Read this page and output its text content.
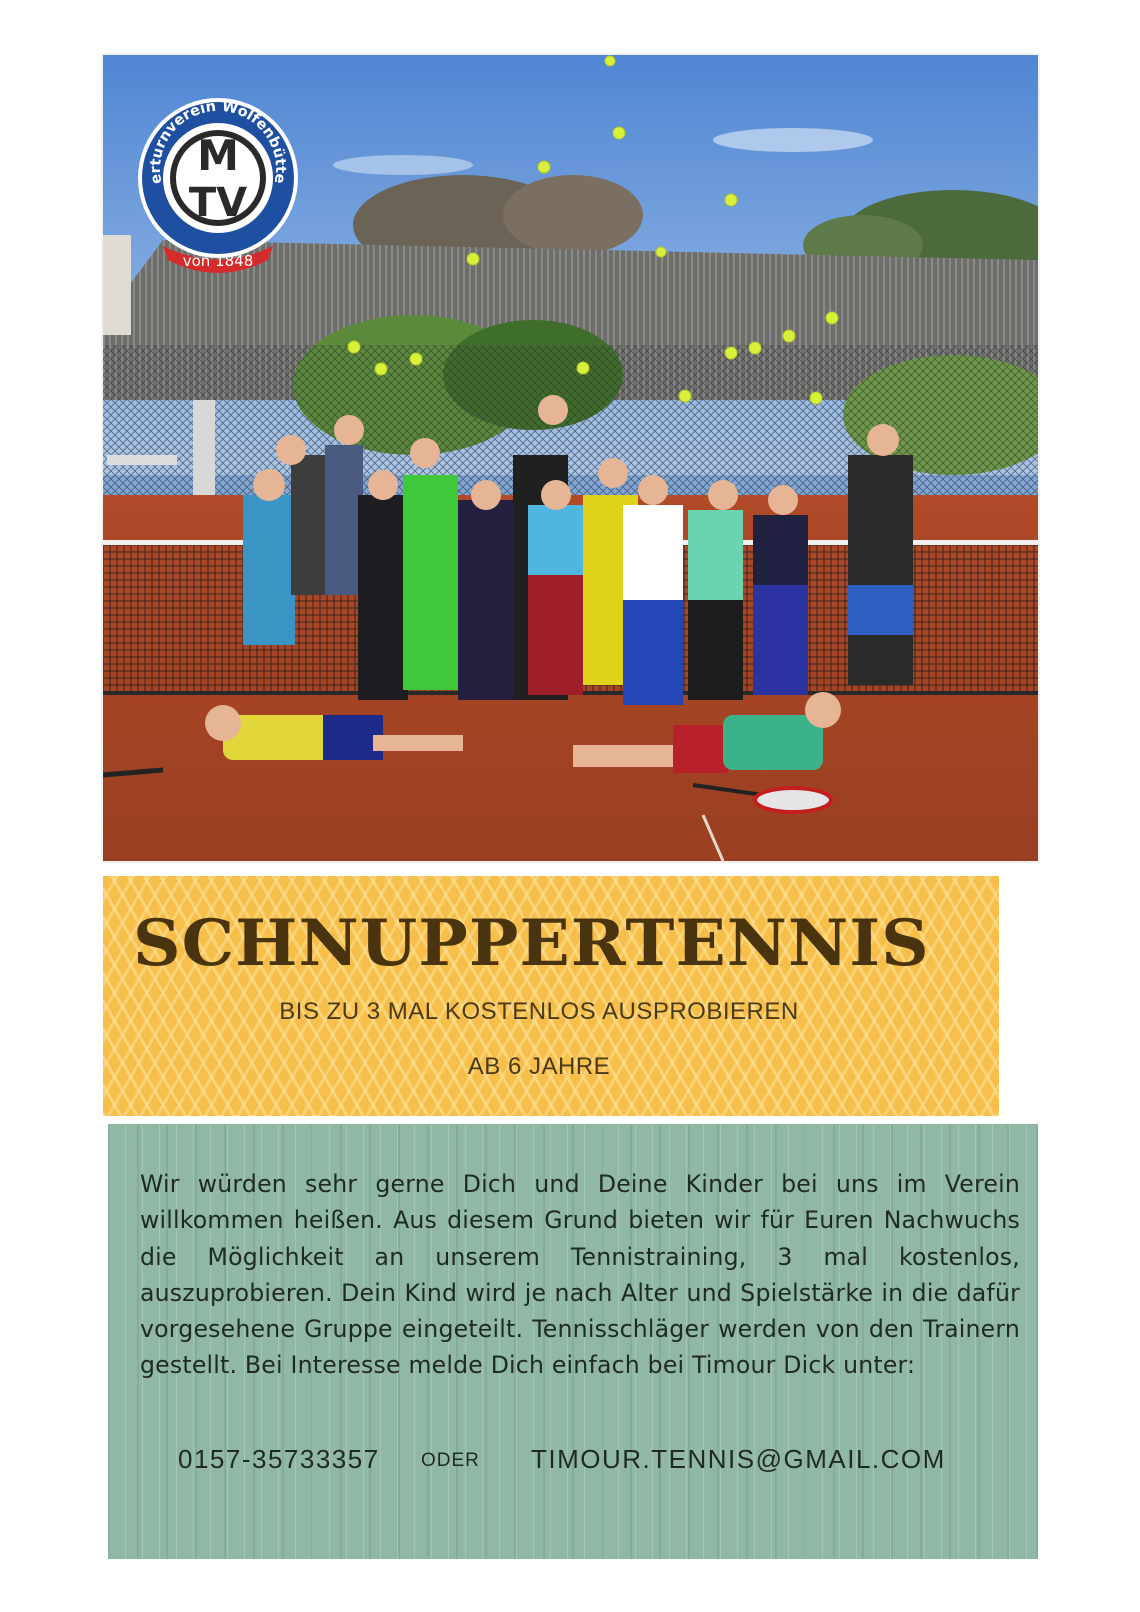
erturnverein Wolfenbütte
M
TV
von 1848
SCHNUPPERTENNIS
BIS ZU 3 MAL KOSTENLOS AUSPROBIEREN
AB 6 JAHRE

Wir würden sehr gerne Dich und Deine Kinder bei uns im Verein willkommen heißen. Aus diesem Grund bieten wir für Euren Nachwuchs die Möglichkeit an unserem Tennistraining, 3 mal kostenlos, auszuprobieren. Dein Kind wird je nach Alter und Spielstärke in die dafür vorgesehene Gruppe eingeteilt. Tennisschläger werden von den Trainern gestellt. Bei Interesse melde Dich einfach bei Timour Dick unter:

0157-35733357 ODER TIMOUR.TENNIS@GMAIL.COM
